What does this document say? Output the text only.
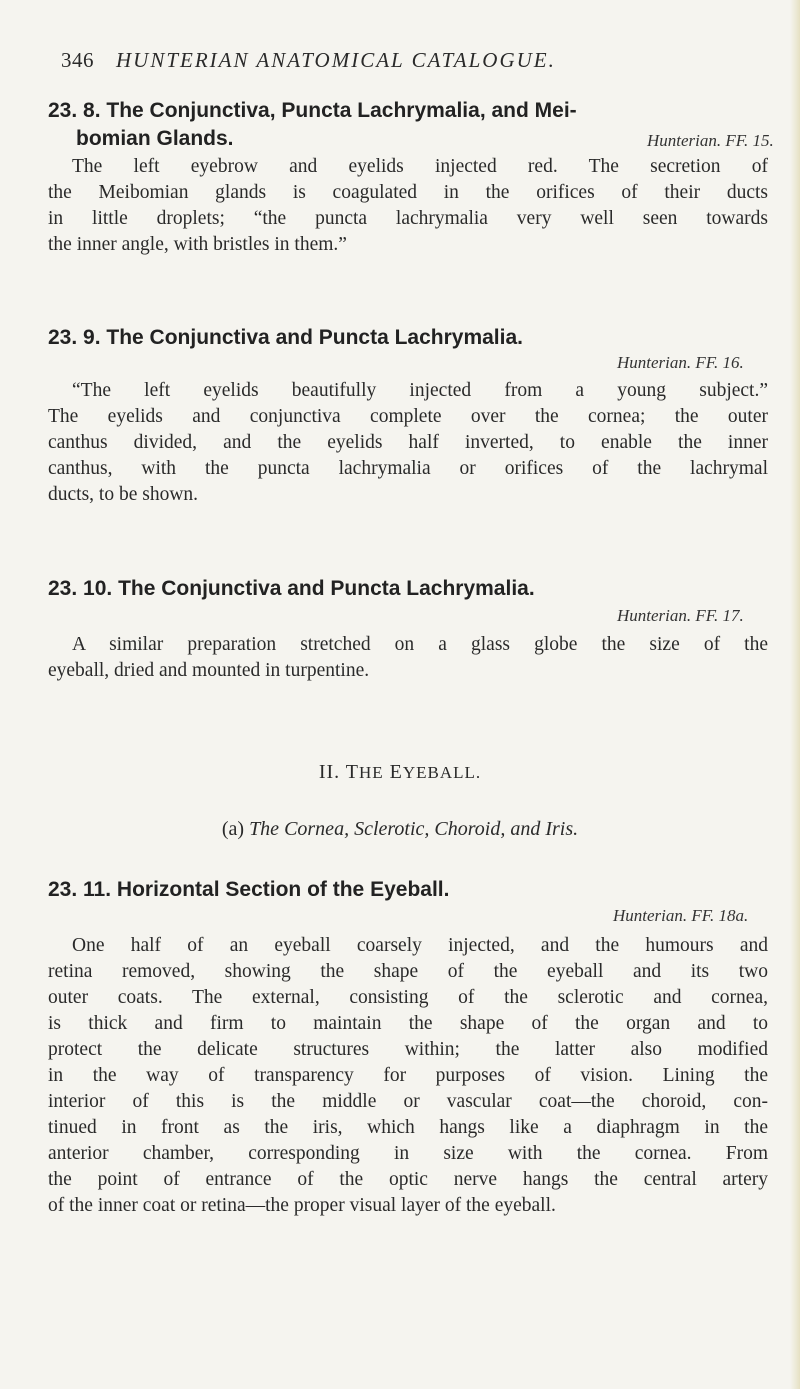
346 HUNTERIAN ANATOMICAL CATALOGUE.
23. 8. The Conjunctiva, Puncta Lachrymalia, and Mei-
bomian Glands.	Hunterian. FF. 15.
The left eyebrow and eyelids injected red. The secretion of
the Meibomian glands is coagulated in the orifices of their ducts
in little droplets; “the puncta lachrymalia very well seen towards
the inner angle, with bristles in them.”
23. 9. The Conjunctiva and Puncta Lachrymalia.
Hunterian. FF. 16.
“The left eyelids beautifully injected from a young subject.”
The eyelids and conjunctiva complete over the cornea; the outer
canthus divided, and the eyelids half inverted, to enable the inner
canthus, with the puncta lachrymalia or orifices of the lachrymal
ducts, to be shown.
23. 10. The Conjunctiva and Puncta Lachrymalia.
Hunterian. FF. 17.
A similar preparation stretched on a glass globe the size of the
eyeball, dried and mounted in turpentine.
II. THE EYEBALL.
(a) The Cornea, Sclerotic, Choroid, and Iris.
23. 11. Horizontal Section of the Eyeball.
Hunterian. FF. 18a.
One half of an eyeball coarsely injected, and the humours and
retina removed, showing the shape of the eyeball and its two
outer coats. The external, consisting of the sclerotic and cornea,
is thick and firm to maintain the shape of the organ and to
protect the delicate structures within; the latter also modified
in the way of transparency for purposes of vision. Lining the
interior of this is the middle or vascular coat—the choroid, con-
tinued in front as the iris, which hangs like a diaphragm in the
anterior chamber, corresponding in size with the cornea. From
the point of entrance of the optic nerve hangs the central artery
of the inner coat or retina—the proper visual layer of the eyeball.
